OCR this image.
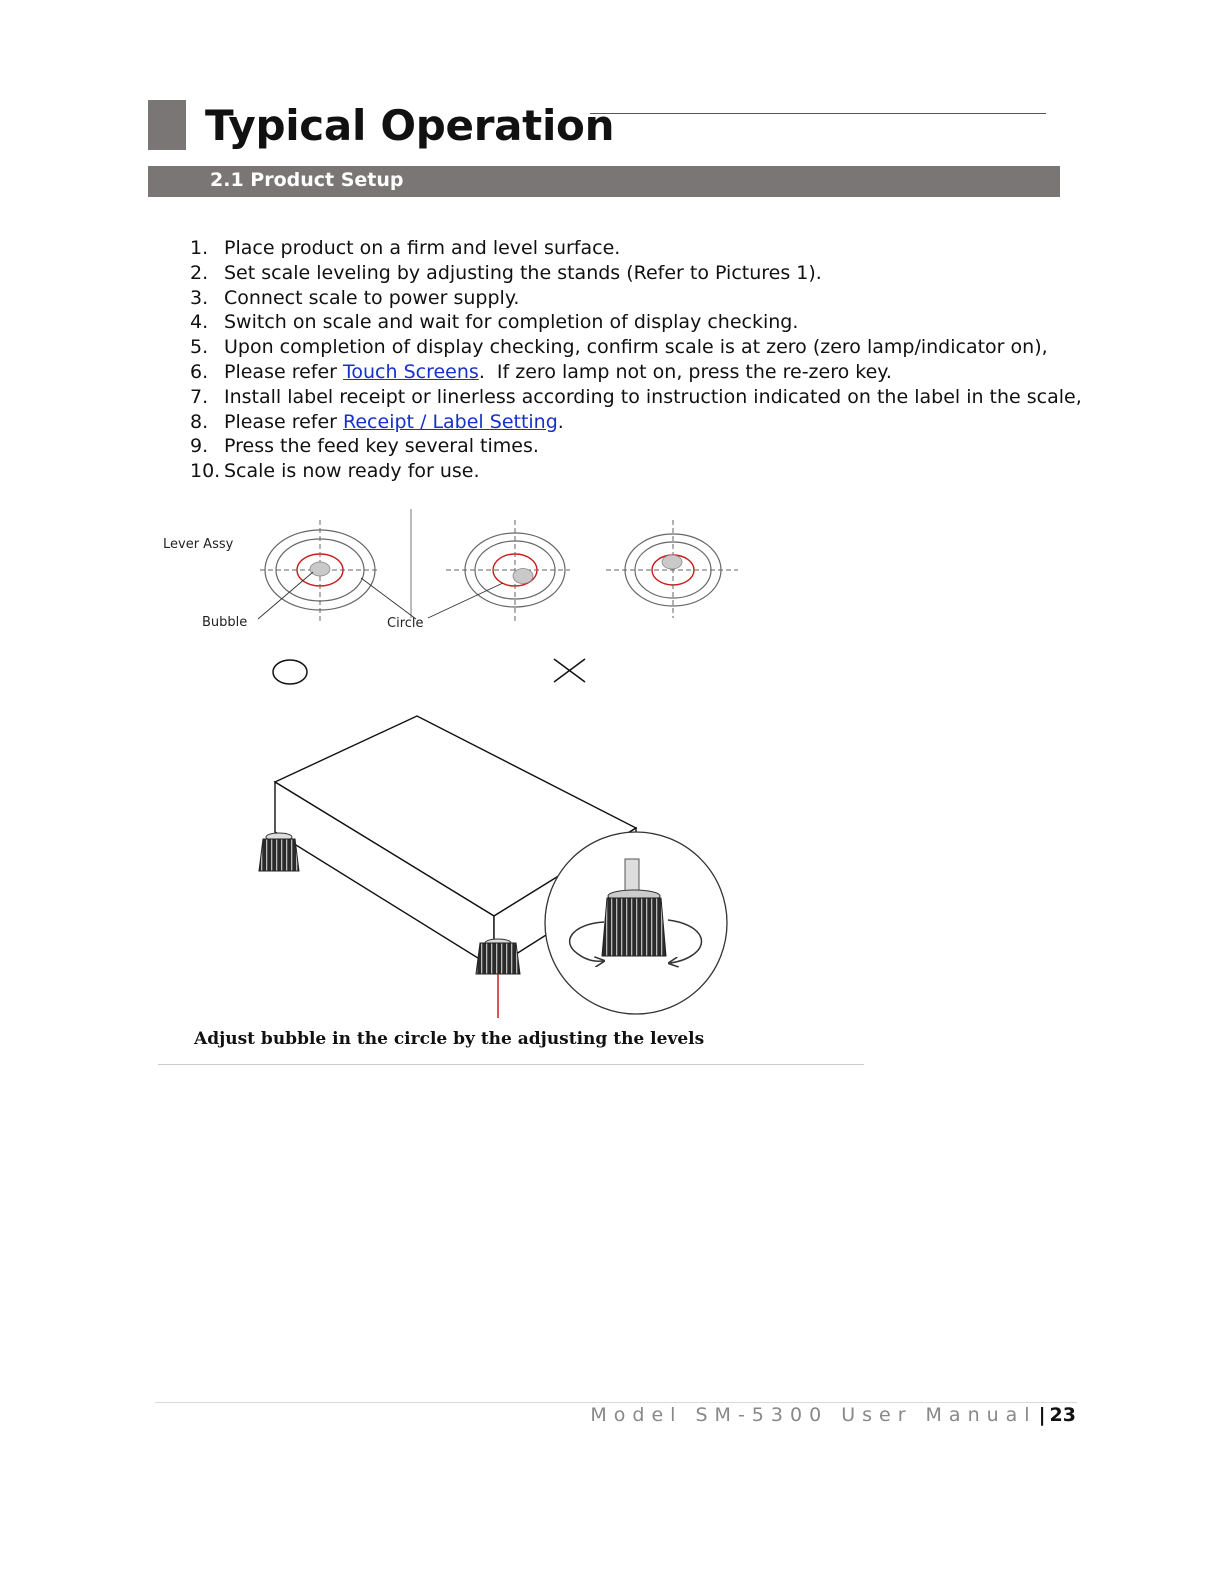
Typical Operation
2.1 Product Setup
1. Place product on a firm and level surface.
2. Set scale leveling by adjusting the stands (Refer to Pictures 1).
3. Connect scale to power supply.
4. Switch on scale and wait for completion of display checking.
5. Upon completion of display checking, confirm scale is at zero (zero lamp/indicator on),
6. Please refer Touch Screens.  If zero lamp not on, press the re-zero key.
7. Install label receipt or linerless according to instruction indicated on the label in the scale,
8. Please refer Receipt / Label Setting.
9. Press the feed key several times.
10. Scale is now ready for use.
Lever Assy
Bubble	Circle
Adjust bubble in the circle by the adjusting the levels
Model SM-5300 User Manual | 23
